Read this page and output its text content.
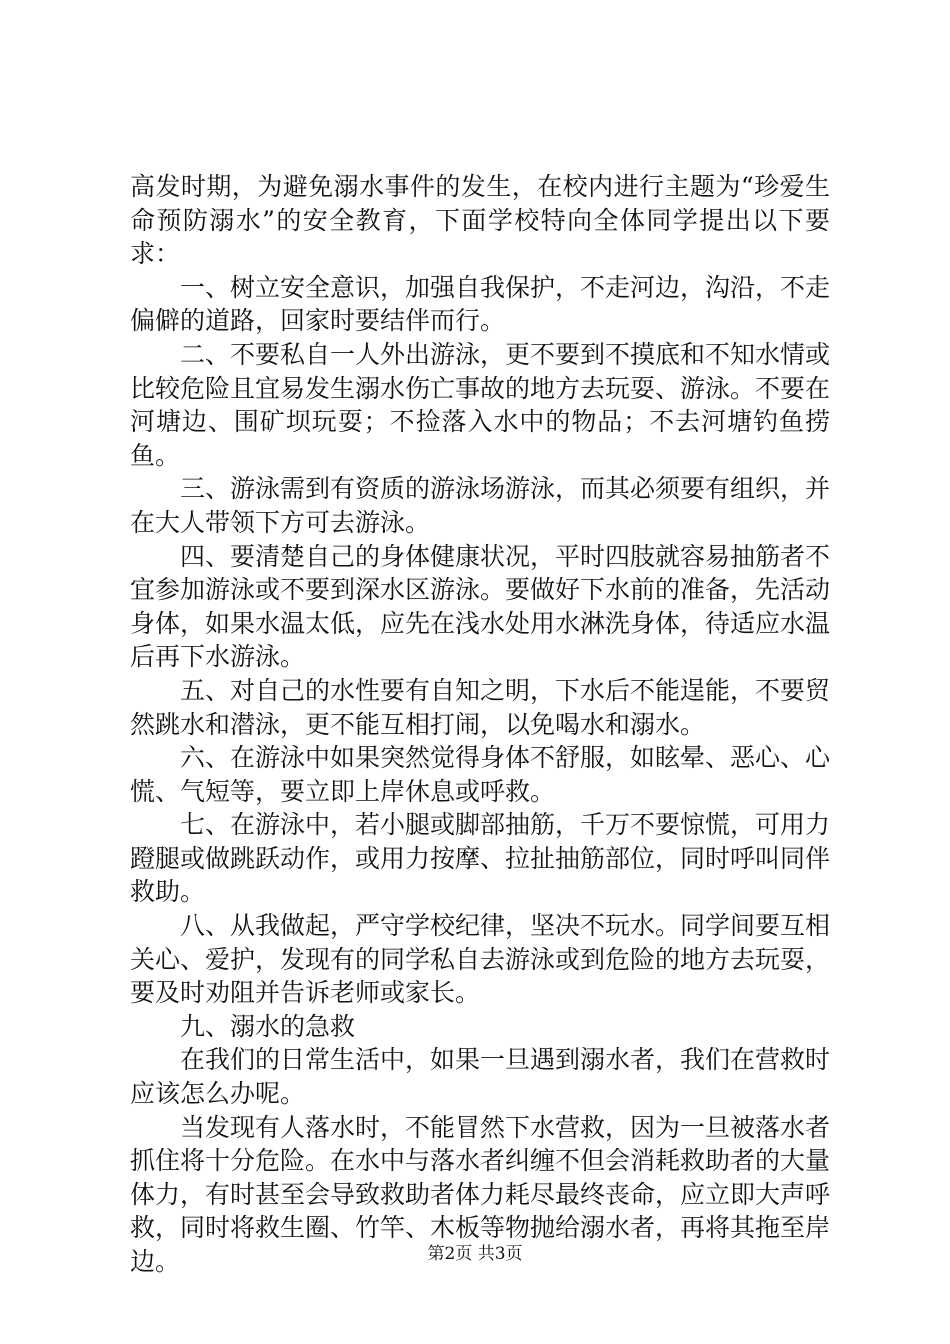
高发时期，为避免溺水事件的发生，在校内进行主题为“珍爱生命预防溺水”的安全教育，下面学校特向全体同学提出以下要求：

一、树立安全意识，加强自我保护，不走河边，沟沿，不走偏僻的道路，回家时要结伴而行。

二、不要私自一人外出游泳，更不要到不摸底和不知水情或比较危险且宜易发生溺水伤亡事故的地方去玩耍、游泳。不要在河塘边、围矿坝玩耍；不捡落入水中的物品；不去河塘钓鱼捞鱼。

三、游泳需到有资质的游泳场游泳，而其必须要有组织，并在大人带领下方可去游泳。

四、要清楚自己的身体健康状况，平时四肢就容易抽筋者不宜参加游泳或不要到深水区游泳。要做好下水前的准备，先活动身体，如果水温太低，应先在浅水处用水淋洗身体，待适应水温后再下水游泳。

五、对自己的水性要有自知之明，下水后不能逞能，不要贸然跳水和潜泳，更不能互相打闹，以免喝水和溺水。

六、在游泳中如果突然觉得身体不舒服，如眩晕、恶心、心慌、气短等，要立即上岸休息或呼救。

七、在游泳中，若小腿或脚部抽筋，千万不要惊慌，可用力蹬腿或做跳跃动作，或用力按摩、拉扯抽筋部位，同时呼叫同伴救助。

八、从我做起，严守学校纪律，坚决不玩水。同学间要互相关心、爱护，发现有的同学私自去游泳或到危险的地方去玩耍，要及时劝阻并告诉老师或家长。

九、溺水的急救

在我们的日常生活中，如果一旦遇到溺水者，我们在营救时应该怎么办呢。

当发现有人落水时，不能冒然下水营救，因为一旦被落水者抓住将十分危险。在水中与落水者纠缠不但会消耗救助者的大量体力，有时甚至会导致救助者体力耗尽最终丧命，应立即大声呼救，同时将救生圈、竹竿、木板等物抛给溺水者，再将其拖至岸边。	第2页 共3页
